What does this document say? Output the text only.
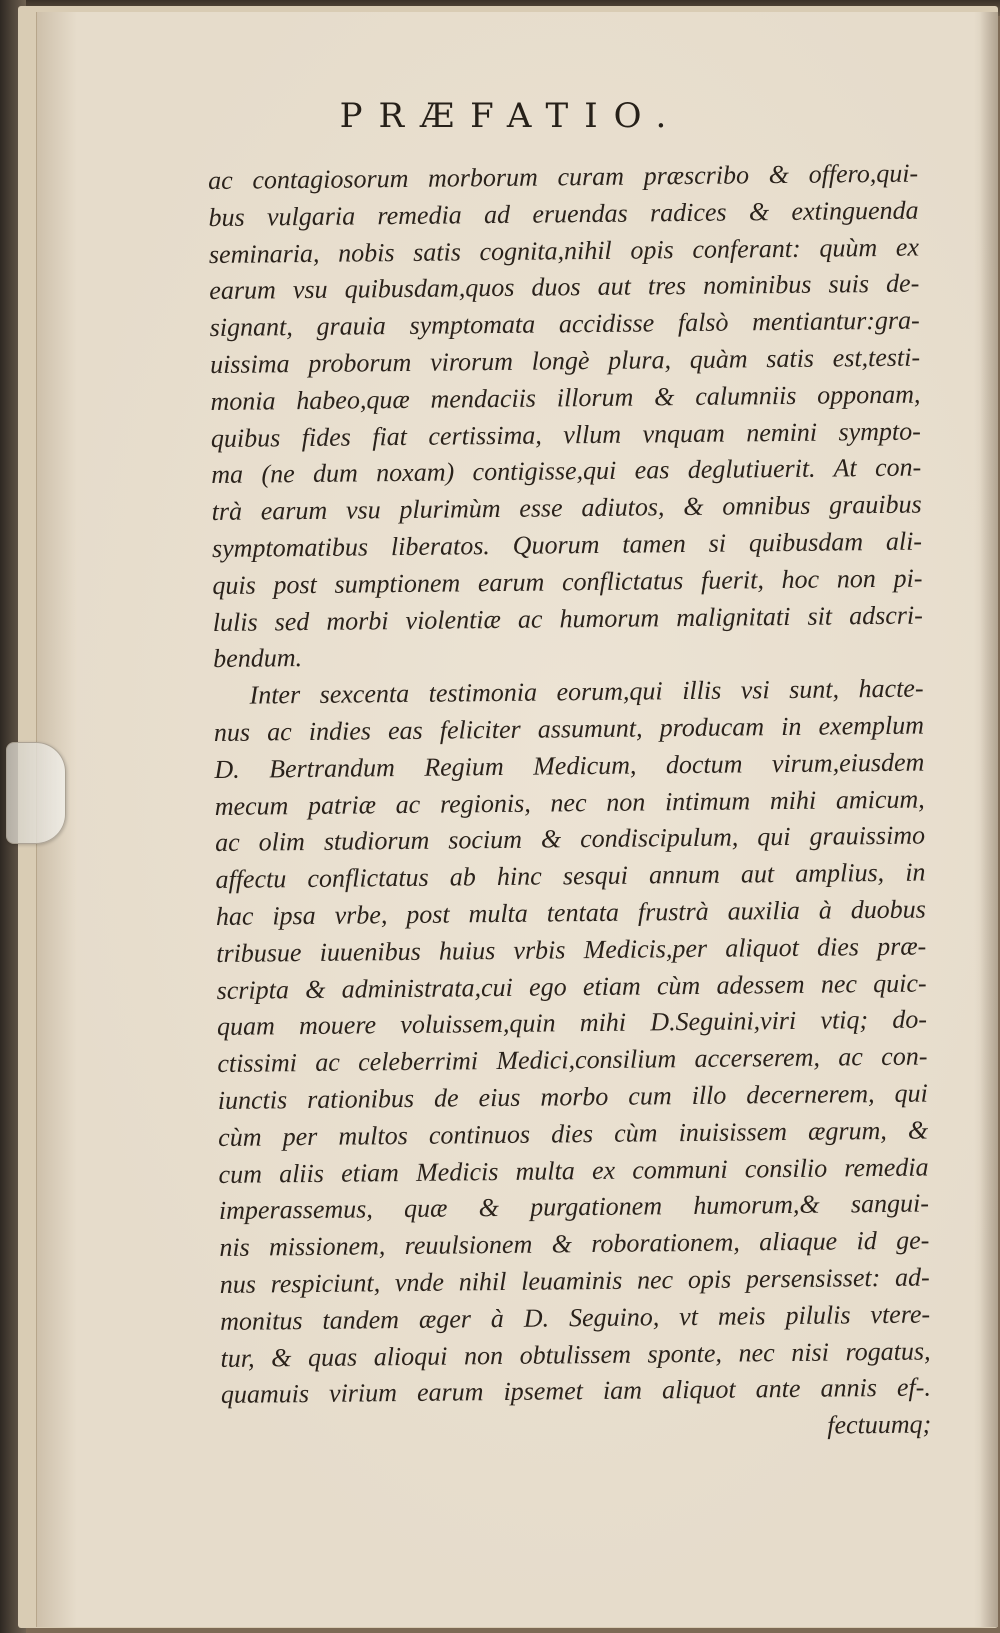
PRÆFATIO.
ac contagiosorum morborum curam præscribo & offero,qui-
bus vulgaria remedia ad eruendas radices & extinguenda
seminaria, nobis satis cognita,nihil opis conferant: quùm ex
earum vsu quibusdam,quos duos aut tres nominibus suis de-
signant, grauia symptomata accidisse falsò mentiantur:gra-
uissima proborum virorum longè plura, quàm satis est,testi-
monia habeo,quæ mendaciis illorum & calumniis opponam,
quibus fides fiat certissima, vllum vnquam nemini sympto-
ma (ne dum noxam) contigisse,qui eas deglutiuerit. At con-
trà earum vsu plurimùm esse adiutos, & omnibus grauibus
symptomatibus liberatos. Quorum tamen si quibusdam ali-
quis post sumptionem earum conflictatus fuerit, hoc non pi-
lulis sed morbi violentiæ ac humorum malignitati sit adscri-
bendum.
Inter sexcenta testimonia eorum,qui illis vsi sunt, hacte-
nus ac indies eas feliciter assumunt, producam in exemplum
D. Bertrandum Regium Medicum, doctum virum,eiusdem
mecum patriæ ac regionis, nec non intimum mihi amicum,
ac olim studiorum socium & condiscipulum, qui grauissimo
affectu conflictatus ab hinc sesqui annum aut amplius, in
hac ipsa vrbe, post multa tentata frustrà auxilia à duobus
tribusue iuuenibus huius vrbis Medicis,per aliquot dies præ-
scripta & administrata,cui ego etiam cùm adessem nec quic-
quam mouere voluissem,quin mihi D.Seguini,viri vtiq; do-
ctissimi ac celeberrimi Medici,consilium accerserem, ac con-
iunctis rationibus de eius morbo cum illo decernerem, qui
cùm per multos continuos dies cùm inuisissem ægrum, &
cum aliis etiam Medicis multa ex communi consilio remedia
imperassemus, quæ & purgationem humorum,& sangui-
nis missionem, reuulsionem & roborationem, aliaque id ge-
nus respiciunt, vnde nihil leuaminis nec opis persensisset: ad-
monitus tandem æger à D. Seguino, vt meis pilulis vtere-
tur, & quas alioqui non obtulissem sponte, nec nisi rogatus,
quamuis virium earum ipsemet iam aliquot ante annis ef-.
fectuumq;
